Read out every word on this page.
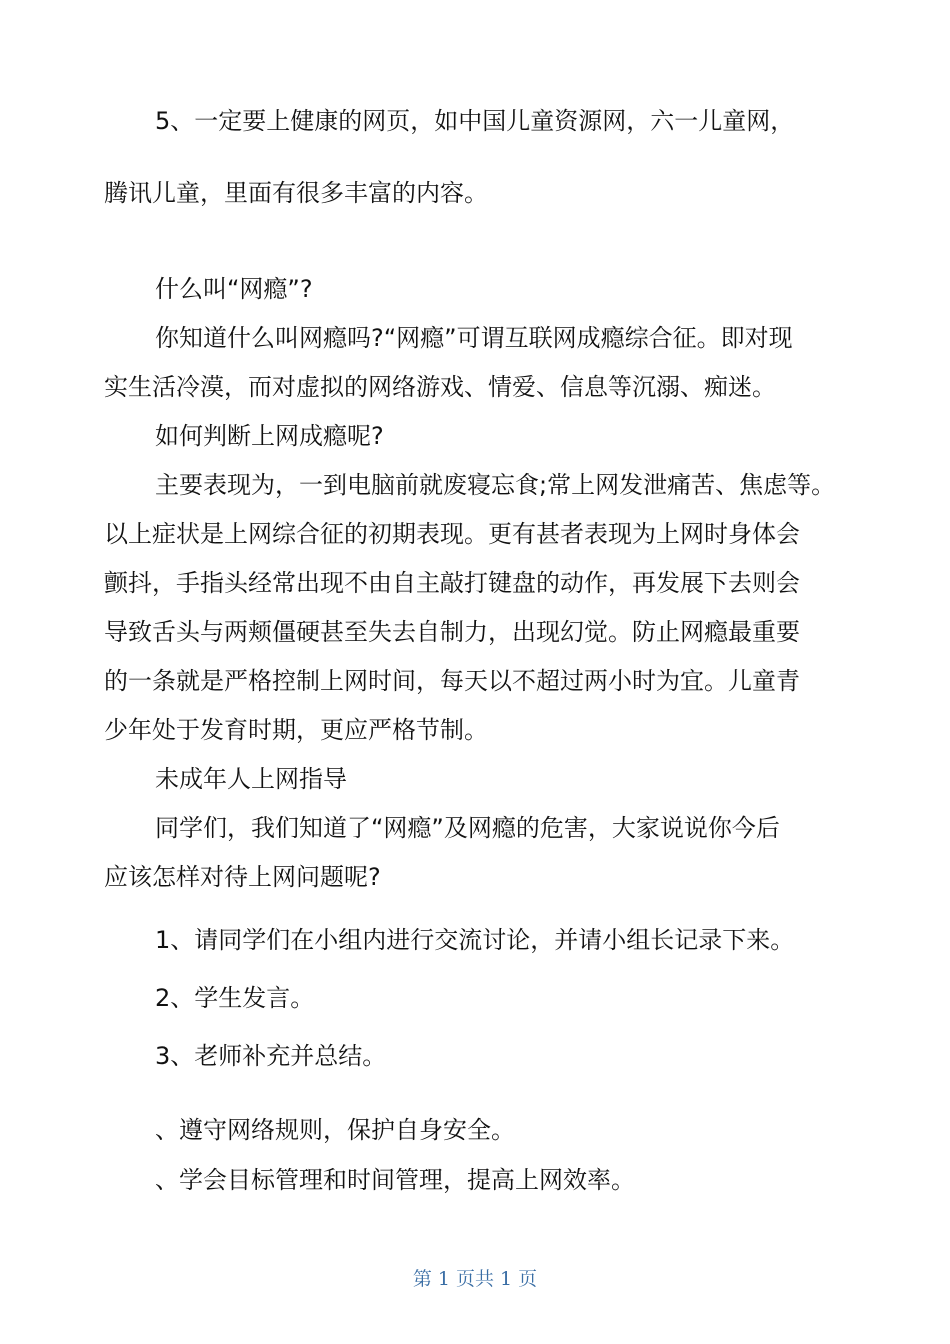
5、一定要上健康的网页，如中国儿童资源网，六一儿童网，
腾讯儿童，里面有很多丰富的内容。
什么叫“网瘾”?
你知道什么叫网瘾吗?“网瘾”可谓互联网成瘾综合征。即对现
实生活冷漠，而对虚拟的网络游戏、情爱、信息等沉溺、痴迷。
如何判断上网成瘾呢?
主要表现为，一到电脑前就废寝忘食;常上网发泄痛苦、焦虑等。
以上症状是上网综合征的初期表现。更有甚者表现为上网时身体会
颤抖，手指头经常出现不由自主敲打键盘的动作，再发展下去则会
导致舌头与两颊僵硬甚至失去自制力，出现幻觉。防止网瘾最重要
的一条就是严格控制上网时间，每天以不超过两小时为宜。儿童青
少年处于发育时期，更应严格节制。
未成年人上网指导
同学们，我们知道了“网瘾”及网瘾的危害，大家说说你今后
应该怎样对待上网问题呢?
1、请同学们在小组内进行交流讨论，并请小组长记录下来。
2、学生发言。
3、老师补充并总结。
、遵守网络规则，保护自身安全。
、学会目标管理和时间管理，提高上网效率。
第 1 页共 1 页
